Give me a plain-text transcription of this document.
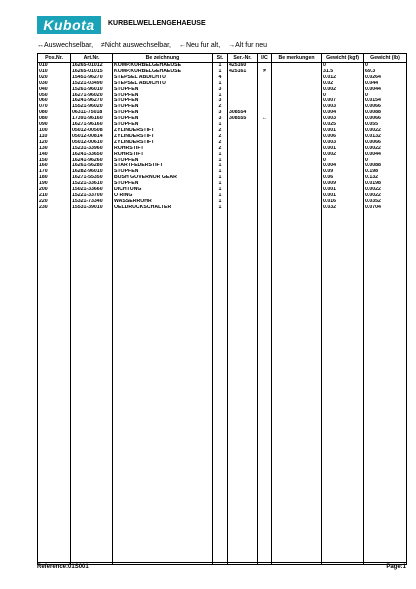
Kubota	KURBELWELLENGEHAEUSE
↔Auswechselbar, ≠Nicht auswechselbar, ←Neu fur alt, →Alt fur neu
Pos.Nr.	Art.Nr.	Be zeichnung	St.	Ser.-Nr.	I/C	Be merkungen	Gewicht (kgf)	Gewicht (lb)
010	16265-01012	KOMP.KURBELGEHAEUSE	1	425160			0	0
010	16265-01015	KOMP.KURBELGEHAEUSE	1	425161	≠		31.5	69.3
020	15451-96270	STEPSEL ABDICHTU	4				0.012	0.0264
030	15221-03490	STEPSEL ABDICHTU	1				0.02	0.044
040	15261-96010	STOPFEN	3				0.002	0.0044
050	16271-96020	STOPFEN	1				0	0
060	16241-96270	STOPFEN	3				0.007	0.0154
070	15521-96020	STOPFEN	2				0.003	0.0066
080	06311-75018	STOPFEN	3	308554			0.004	0.0088
080	17391-96160	STOPFEN	3	308555	←		0.003	0.0066
090	16271-96160	STOPFEN	1				0.025	0.055
100	05012-00508	ZYLINDERSTIFT	2				0.001	0.0022
110	05012-00814	ZYLINDERSTIFT	2				0.006	0.0132
120	05012-00610	ZYLINDERSTIFT	2				0.003	0.0066
130	15231-33960	ROHRSTIFT	2				0.001	0.0022
140	16241-33650	ROHRSTIFT	1				0.002	0.0044
150	16241-96260	STOPFEN	1				0	0
160	16261-56280	STARTFEDERSTIFT	1				0.004	0.0088
170	16282-96010	STOPFEN	1				0.09	0.198
180	16271-55350	BUSH GOVERNOR GEAR	1				0.06	0.132
190	15221-33610	STOPFEN	1				0.009	0.0198
200	15021-33660	DICHTUNG	1				0.001	0.0022
210	15221-33700	O RING	1				0.001	0.0022
220	15321-73340	WASSERROHR	1				0.016	0.0352
230	15531-39010	OELDRUCKSCHALTER	1				0.032	0.0704

Reference:01S001	Page:1
